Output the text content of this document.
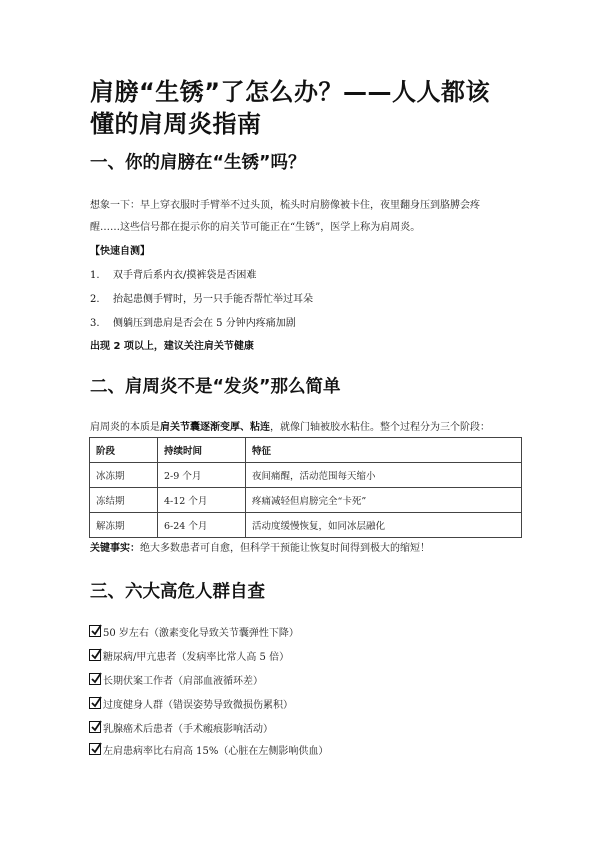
肩膀“生锈”了怎么办？——人人都该
懂的肩周炎指南
一、你的肩膀在“生锈”吗？
想象一下：早上穿衣服时手臂举不过头顶，梳头时肩膀像被卡住，夜里翻身压到胳膊会疼
醒……这些信号都在提示你的肩关节可能正在“生锈”，医学上称为肩周炎。
【快速自测】
1. 双手背后系内衣/摸裤袋是否困难
2. 抬起患侧手臂时，另一只手能否帮忙举过耳朵
3. 侧躺压到患肩是否会在 5 分钟内疼痛加剧
出现 2 项以上，建议关注肩关节健康
二、肩周炎不是“发炎”那么简单
肩周炎的本质是肩关节囊逐渐变厚、粘连，就像门轴被胶水粘住。整个过程分为三个阶段：
阶段	持续时间	特征
冰冻期	2-9 个月	夜间痛醒，活动范围每天缩小
冻结期	4-12 个月	疼痛减轻但肩膀完全“卡死”
解冻期	6-24 个月	活动度缓慢恢复，如同冰层融化
关键事实：绝大多数患者可自愈，但科学干预能让恢复时间得到极大的缩短！
三、六大高危人群自查
50 岁左右（激素变化导致关节囊弹性下降）
糖尿病/甲亢患者（发病率比常人高 5 倍）
长期伏案工作者（肩部血液循环差）
过度健身人群（错误姿势导致微损伤累积）
乳腺癌术后患者（手术瘢痕影响活动）
左肩患病率比右肩高 15%（心脏在左侧影响供血）
